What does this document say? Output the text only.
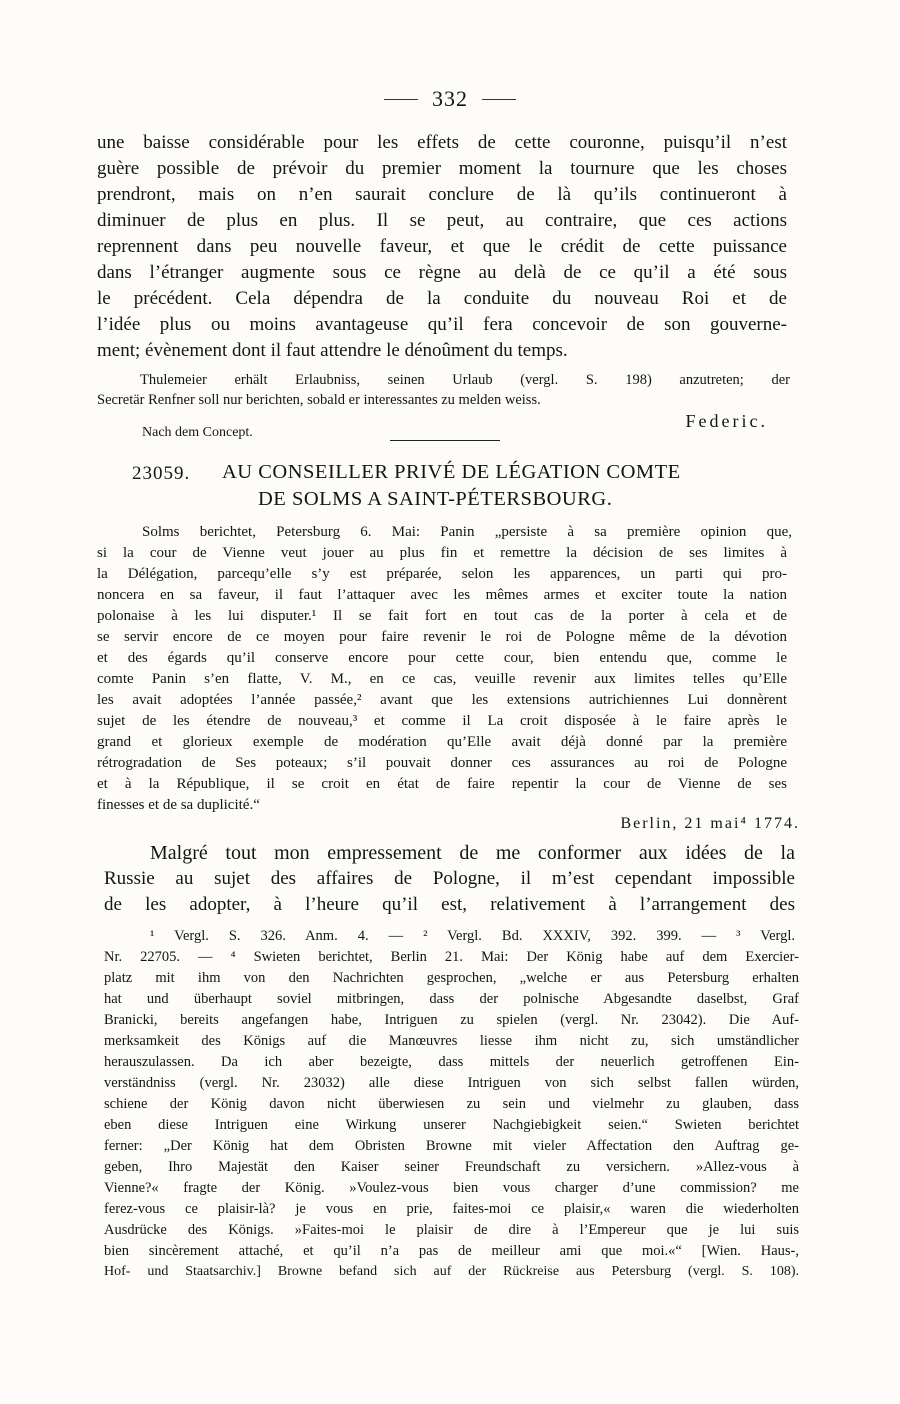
332

une baisse considérable pour les effets de cette couronne, puisqu’il n’est

guère possible de prévoir du premier moment la tournure que les choses

prendront, mais on n’en saurait conclure de là qu’ils continueront à

diminuer de plus en plus. Il se peut, au contraire, que ces actions

reprennent dans peu nouvelle faveur, et que le crédit de cette puissance

dans l’étranger augmente sous ce règne au delà de ce qu’il a été sous

le précédent. Cela dépendra de la conduite du nouveau Roi et de

l’idée plus ou moins avantageuse qu’il fera concevoir de son gouverne-

ment; évènement dont il faut attendre le dénoûment du temps.

Thulemeier erhält Erlaubniss, seinen Urlaub (vergl. S. 198) anzutreten; der

Secretär Renfner soll nur berichten, sobald er interessantes zu melden weiss.

Nach dem Concept.
Federic.
23059. AU CONSEILLER PRIVÉ DE LÉGATION COMTE
DE SOLMS A SAINT-PÉTERSBOURG.

Solms berichtet, Petersburg 6. Mai: Panin „persiste à sa première opinion que,

si la cour de Vienne veut jouer au plus fin et remettre la décision de ses limites à

la Délégation, parcequ’elle s’y est préparée, selon les apparences, un parti qui pro-

noncera en sa faveur, il faut l’attaquer avec les mêmes armes et exciter toute la nation

polonaise à les lui disputer.¹ Il se fait fort en tout cas de la porter à cela et de

se servir encore de ce moyen pour faire revenir le roi de Pologne même de la dévotion

et des égards qu’il conserve encore pour cette cour, bien entendu que, comme le

comte Panin s’en flatte, V. M., en ce cas, veuille revenir aux limites telles qu’Elle

les avait adoptées l’année passée,² avant que les extensions autrichiennes Lui donnèrent

sujet de les étendre de nouveau,³ et comme il La croit disposée à le faire après le

grand et glorieux exemple de modération qu’Elle avait déjà donné par la première

rétrogradation de Ses poteaux; s’il pouvait donner ces assurances au roi de Pologne

et à la République, il se croit en état de faire repentir la cour de Vienne de ses

finesses et de sa duplicité.“

Berlin, 21 mai⁴ 1774.

Malgré tout mon empressement de me conformer aux idées de la

Russie au sujet des affaires de Pologne, il m’est cependant impossible

de les adopter, à l’heure qu’il est, relativement à l’arrangement des

¹ Vergl. S. 326. Anm. 4. — ² Vergl. Bd. XXXIV, 392. 399. — ³ Vergl.

Nr. 22705. — ⁴ Swieten berichtet, Berlin 21. Mai: Der König habe auf dem Exercier-

platz mit ihm von den Nachrichten gesprochen, „welche er aus Petersburg erhalten

hat und überhaupt soviel mitbringen, dass der polnische Abgesandte daselbst, Graf

Branicki, bereits angefangen habe, Intriguen zu spielen (vergl. Nr. 23042). Die Auf-

merksamkeit des Königs auf die Manœuvres liesse ihm nicht zu, sich umständlicher

herauszulassen. Da ich aber bezeigte, dass mittels der neuerlich getroffenen Ein-

verständniss (vergl. Nr. 23032) alle diese Intriguen von sich selbst fallen würden,

schiene der König davon nicht überwiesen zu sein und vielmehr zu glauben, dass

eben diese Intriguen eine Wirkung unserer Nachgiebigkeit seien.“ Swieten berichtet

ferner: „Der König hat dem Obristen Browne mit vieler Affectation den Auftrag ge-

geben, Ihro Majestät den Kaiser seiner Freundschaft zu versichern. »Allez-vous à

Vienne?« fragte der König. »Voulez-vous bien vous charger d’une commission? me

ferez-vous ce plaisir-là? je vous en prie, faites-moi ce plaisir,« waren die wiederholten

Ausdrücke des Königs. »Faites-moi le plaisir de dire à l’Empereur que je lui suis

bien sincèrement attaché, et qu’il n’a pas de meilleur ami que moi.«“ [Wien. Haus-,

Hof- und Staatsarchiv.] Browne befand sich auf der Rückreise aus Petersburg (vergl. S. 108).
